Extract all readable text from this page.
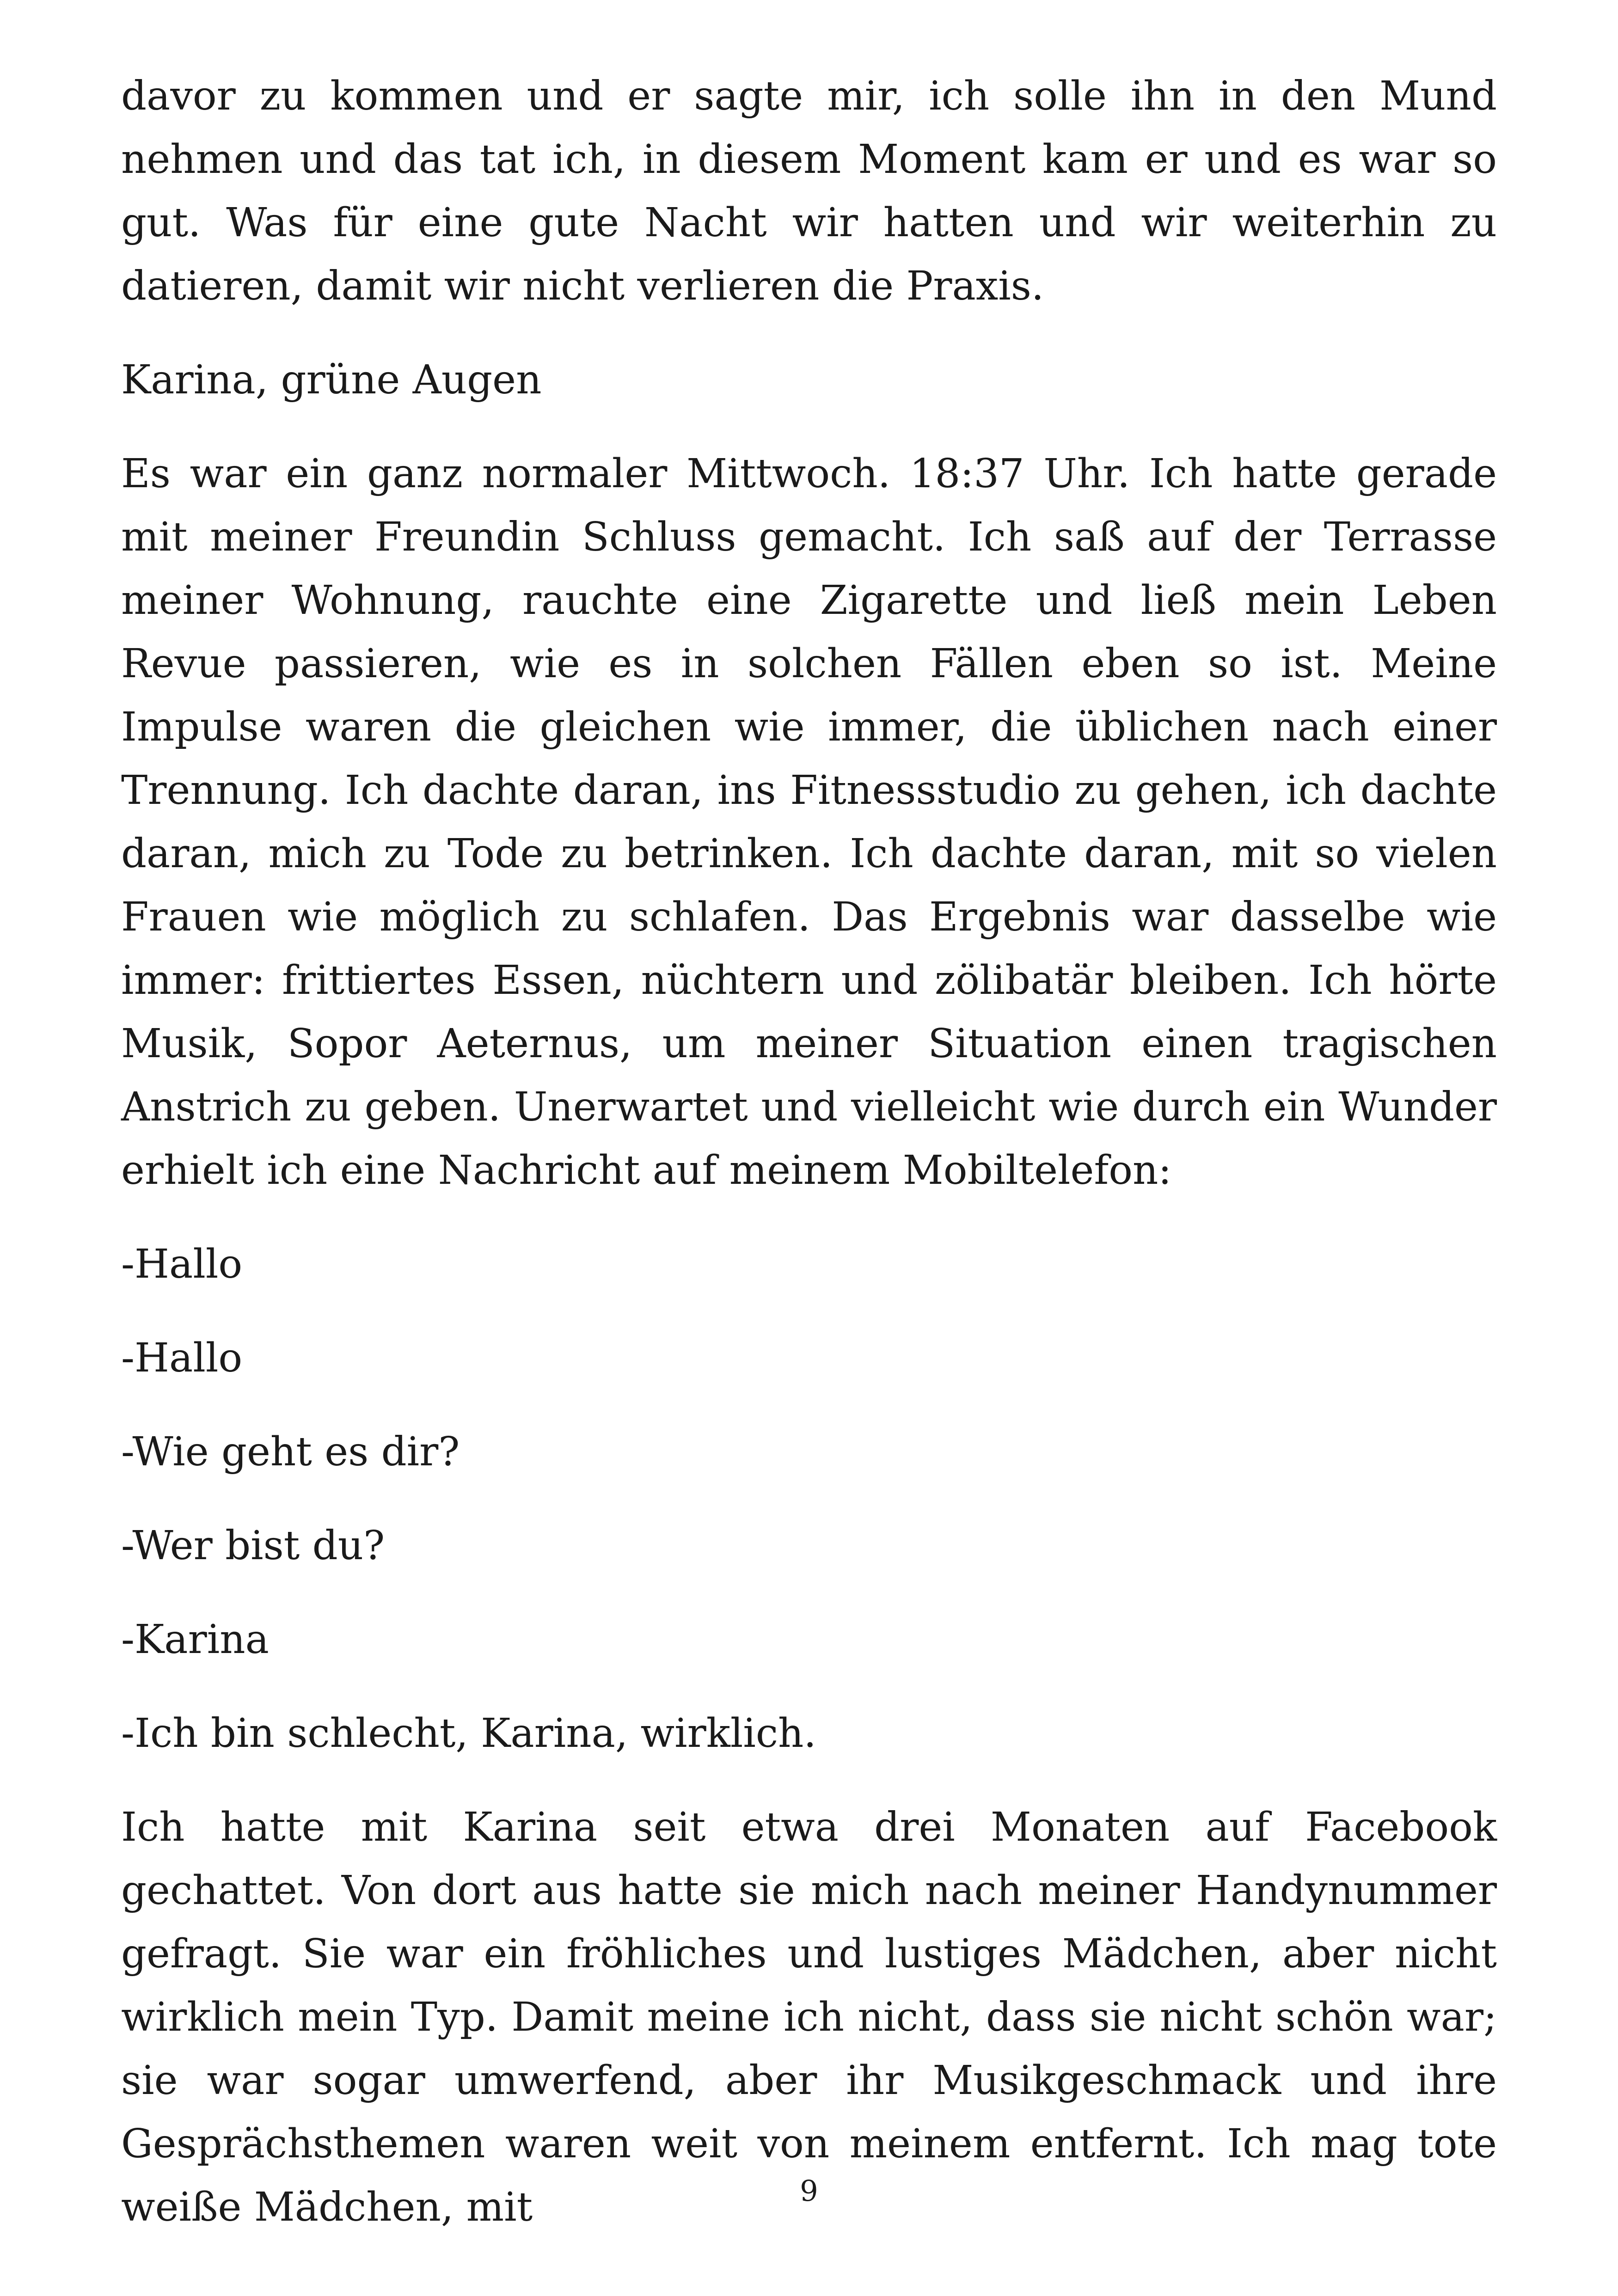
davor zu kommen und er sagte mir, ich solle ihn in den Mund nehmen und das tat ich, in diesem Moment kam er und es war so gut. Was für eine gute Nacht wir hatten und wir weiterhin zu datieren, damit wir nicht verlieren die Praxis.

Karina, grüne Augen

Es war ein ganz normaler Mittwoch. 18:37 Uhr. Ich hatte gerade mit meiner Freundin Schluss gemacht. Ich saß auf der Terrasse meiner Wohnung, rauchte eine Zigarette und ließ mein Leben Revue passieren, wie es in solchen Fällen eben so ist. Meine Impulse waren die gleichen wie immer, die üblichen nach einer Trennung. Ich dachte daran, ins Fitnessstudio zu gehen, ich dachte daran, mich zu Tode zu betrinken. Ich dachte daran, mit so vielen Frauen wie möglich zu schlafen. Das Ergebnis war dasselbe wie immer: frittiertes Essen, nüchtern und zölibatär bleiben. Ich hörte Musik, Sopor Aeternus, um meiner Situation einen tragischen Anstrich zu geben. Unerwartet und vielleicht wie durch ein Wunder erhielt ich eine Nachricht auf meinem Mobiltelefon:

-Hallo

-Hallo

-Wie geht es dir?

-Wer bist du?

-Karina

-Ich bin schlecht, Karina, wirklich.

Ich hatte mit Karina seit etwa drei Monaten auf Facebook gechattet. Von dort aus hatte sie mich nach meiner Handynummer gefragt. Sie war ein fröhliches und lustiges Mädchen, aber nicht wirklich mein Typ. Damit meine ich nicht, dass sie nicht schön war; sie war sogar umwerfend, aber ihr Musikgeschmack und ihre Gesprächsthemen waren weit von meinem entfernt. Ich mag tote weiße Mädchen, mit	9
